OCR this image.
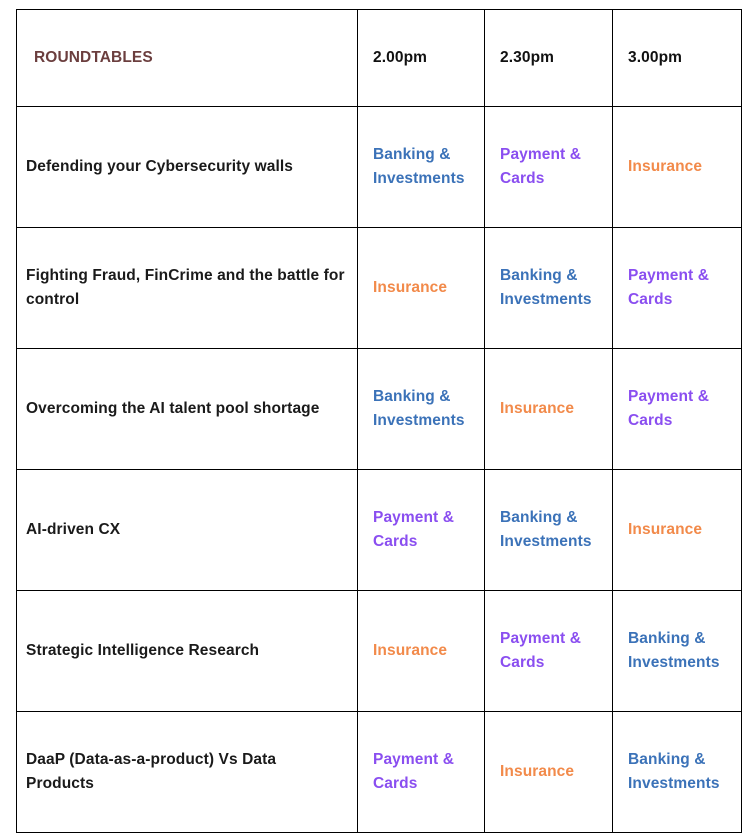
ROUNDTABLES	2.00pm	2.30pm	3.00pm
Defending your Cybersecurity walls	Banking & Investments	Payment & Cards	Insurance

Fighting Fraud, FinCrime and the battle for control	Insurance	Banking & Investments	Payment & Cards

Overcoming the AI talent pool shortage	Banking & Investments	Insurance	Payment & Cards

AI-driven CX	Payment & Cards	Banking & Investments	Insurance

Strategic Intelligence Research	Insurance	Payment & Cards	Banking & Investments

DaaP (Data-as-a-product) Vs Data Products	Payment & Cards	Insurance	Banking & Investments
